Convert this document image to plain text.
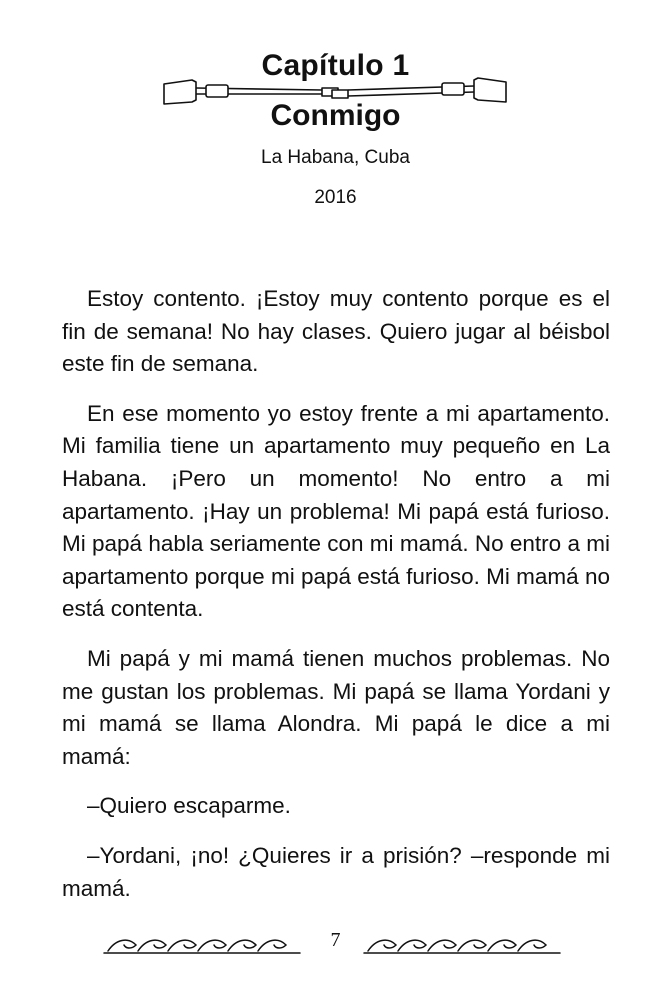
Capítulo 1
Conmigo
La Habana, Cuba
2016

Estoy contento. ¡Estoy muy contento porque es el fin de semana! No hay clases. Quiero jugar al béisbol este fin de semana.

En ese momento yo estoy frente a mi apartamento. Mi familia tiene un apartamento muy pequeño en La Habana. ¡Pero un momento! No entro a mi apartamento. ¡Hay un problema! Mi papá está furioso. Mi papá habla seriamente con mi mamá. No entro a mi apartamento porque mi papá está furioso. Mi mamá no está contenta.

Mi papá y mi mamá tienen muchos problemas. No me gustan los problemas. Mi papá se llama Yordani y mi mamá se llama Alondra. Mi papá le dice a mi mamá:

–Quiero escaparme.

–Yordani, ¡no! ¿Quieres ir a prisión? –responde mi mamá.

7
